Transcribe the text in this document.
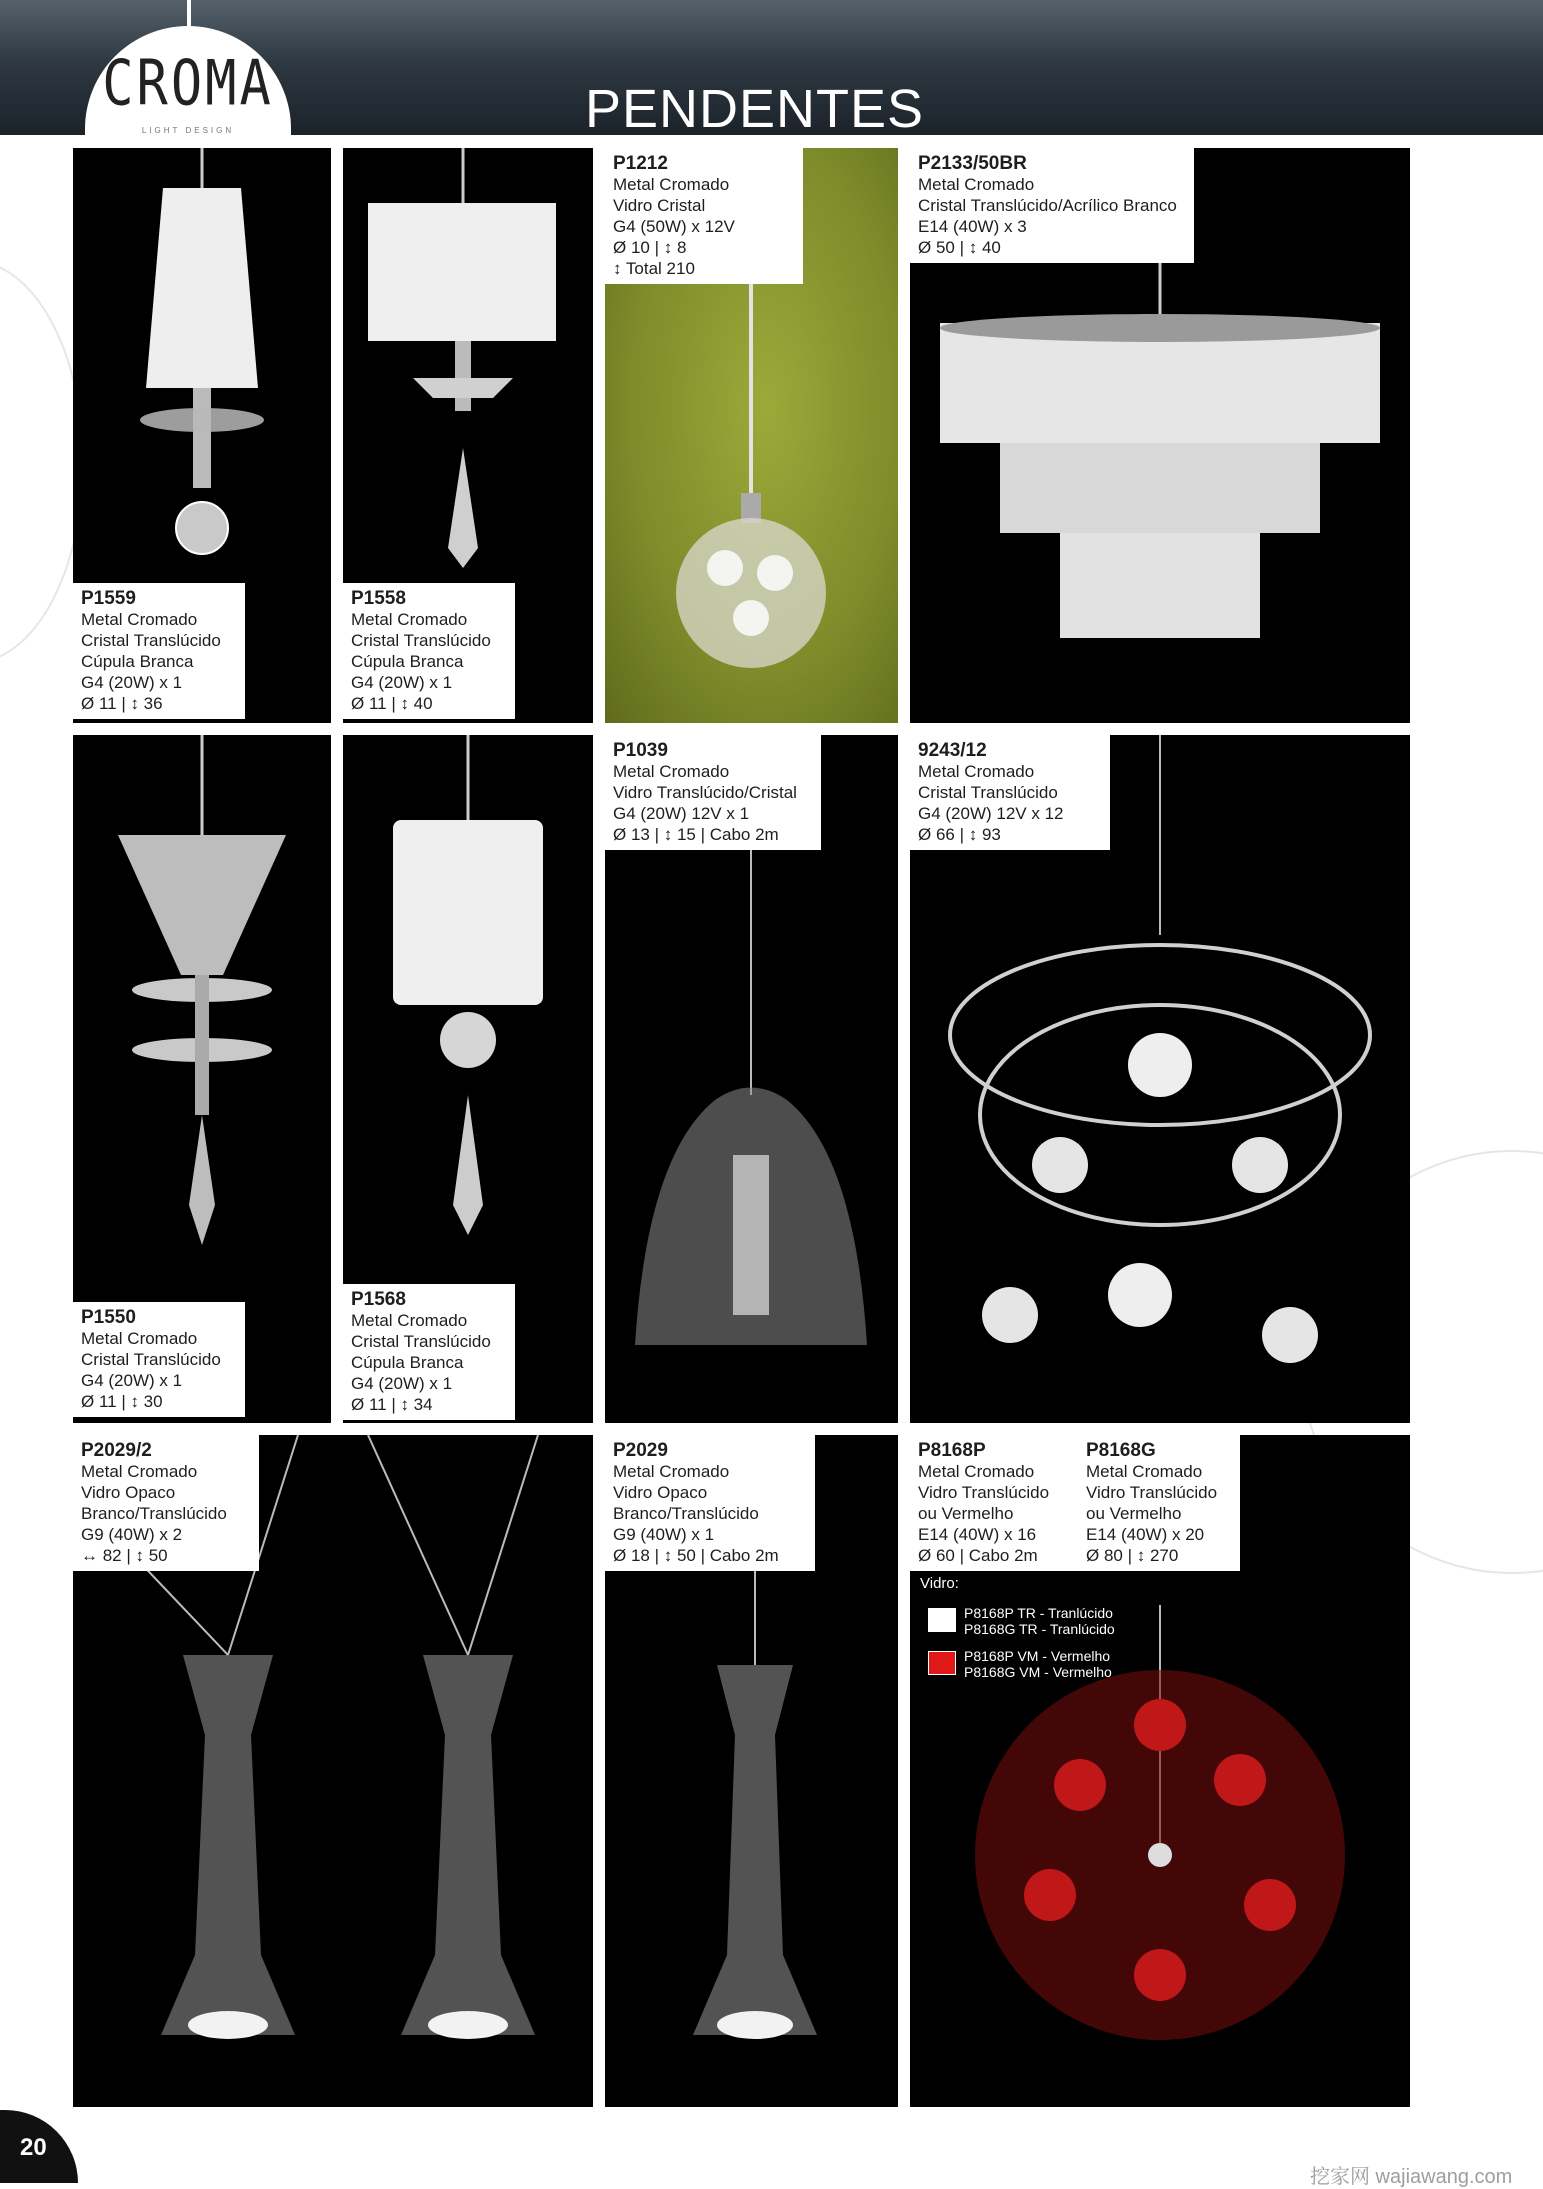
CROMA
LIGHT DESIGN	PENDENTES
P1559
Metal Cromado
Cristal Translúcido
Cúpula Branca
G4 (20W) x 1
Ø 11 | ↕ 36
P1558
Metal Cromado
Cristal Translúcido
Cúpula Branca
G4 (20W) x 1
Ø 11 | ↕ 40
P1212
Metal Cromado
Vidro Cristal
G4 (50W) x 12V
Ø 10 | ↕ 8
↕ Total 210
P2133/50BR
Metal Cromado
Cristal Translúcido/Acrílico Branco
E14 (40W) x 3
Ø 50 | ↕ 40
P1550
Metal Cromado
Cristal Translúcido
G4 (20W) x 1
Ø 11 | ↕ 30
P1568
Metal Cromado
Cristal Translúcido
Cúpula Branca
G4 (20W) x 1
Ø 11 | ↕ 34
P1039
Metal Cromado
Vidro Translúcido/Cristal
G4 (20W) 12V x 1
Ø 13 | ↕ 15 | Cabo 2m
9243/12
Metal Cromado
Cristal Translúcido
G4 (20W) 12V x 12
Ø 66 | ↕ 93
P2029/2
Metal Cromado
Vidro Opaco
Branco/Translúcido
G9 (40W) x 2
↔ 82 | ↕ 50
P2029
Metal Cromado
Vidro Opaco
Branco/Translúcido
G9 (40W) x 1
Ø 18 | ↕ 50 | Cabo 2m
P8168P
Metal Cromado
Vidro Translúcido
ou Vermelho
E14 (40W) x 16
Ø 60 | Cabo 2m
P8168G
Metal Cromado
Vidro Translúcido
ou Vermelho
E14 (40W) x 20
Ø 80 | ↕ 270
Vidro:
P8168P TR - Tranlúcido
P8168G TR - Tranlúcido
P8168P VM - Vermelho
P8168G VM - Vermelho
20
挖家网 wajiawang.com
